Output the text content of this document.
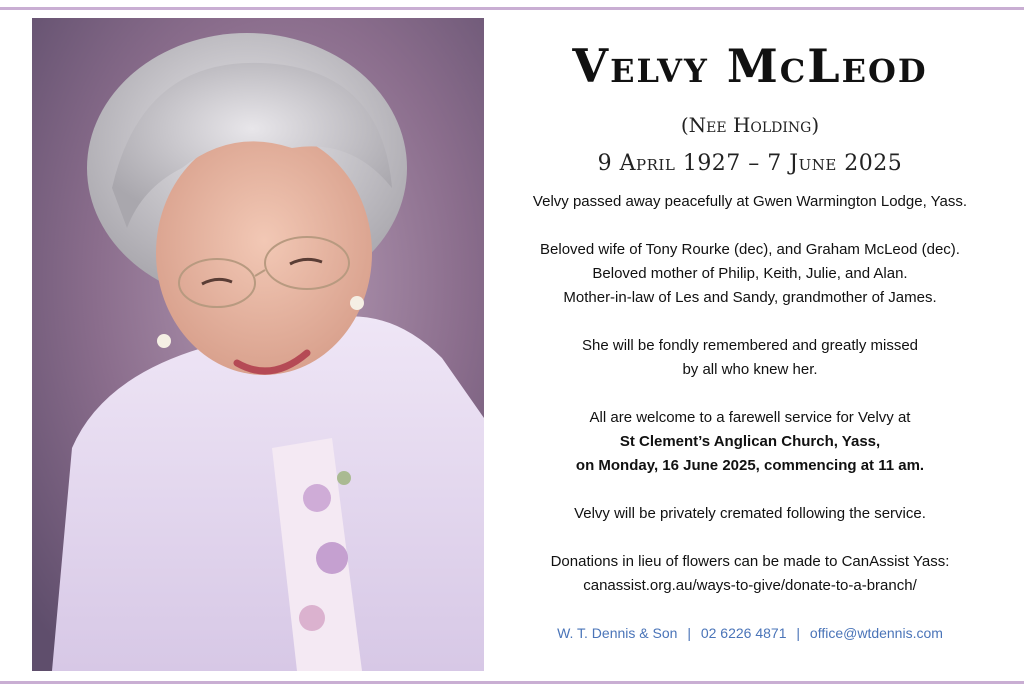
Velvy McLeod
(Nee Holding)
9 April 1927 – 7 June 2025

Velvy passed away peacefully at Gwen Warmington Lodge, Yass.

Beloved wife of Tony Rourke (dec), and Graham McLeod (dec).
Beloved mother of Philip, Keith, Julie, and Alan.
Mother-in-law of Les and Sandy, grandmother of James.

She will be fondly remembered and greatly missed
by all who knew her.

All are welcome to a farewell service for Velvy at
St Clement’s Anglican Church, Yass,
on Monday, 16 June 2025, commencing at 11 am.

Velvy will be privately cremated following the service.

Donations in lieu of flowers can be made to CanAssist Yass:
canassist.org.au/ways-to-give/donate-to-a-branch/

W. T. Dennis & Son | 02 6226 4871 | office@wtdennis.com
